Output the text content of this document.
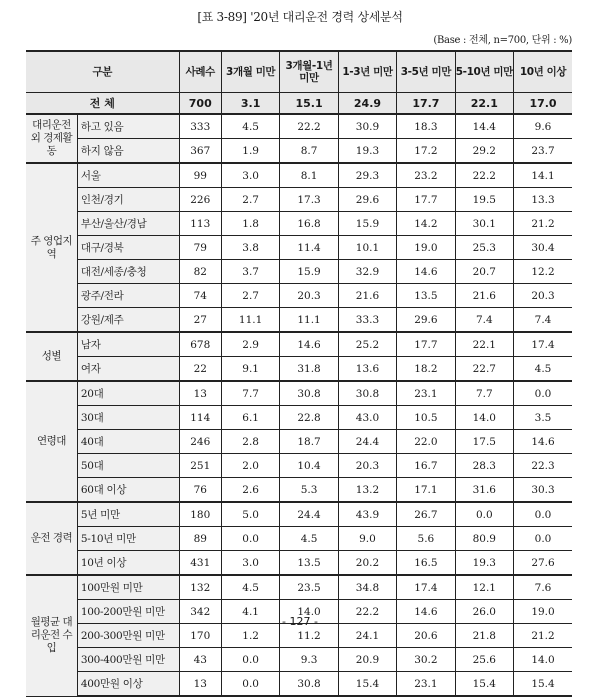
[표 3-89] '20년 대리운전 경력 상세분석
(Base : 전체, n=700, 단위 : %)
구분		사례수	3개월 미만	3개월-1년 미만	1-3년 미만	3-5년 미만	5-10년 미만	10년 이상
전 체		700	3.1	15.1	24.9	17.7	22.1	17.0
대리운전 외 경제활동	하고 있음	333	4.5	22.2	30.9	18.3	14.4	9.6
	하지 않음	367	1.9	8.7	19.3	17.2	29.2	23.7
주 영업지역	서울	99	3.0	8.1	29.3	23.2	22.2	14.1
	인천/경기	226	2.7	17.3	29.6	17.7	19.5	13.3
	부산/울산/경남	113	1.8	16.8	15.9	14.2	30.1	21.2
	대구/경북	79	3.8	11.4	10.1	19.0	25.3	30.4
	대전/세종/충청	82	3.7	15.9	32.9	14.6	20.7	12.2
	광주/전라	74	2.7	20.3	21.6	13.5	21.6	20.3
	강원/제주	27	11.1	11.1	33.3	29.6	7.4	7.4
성별	남자	678	2.9	14.6	25.2	17.7	22.1	17.4
	여자	22	9.1	31.8	13.6	18.2	22.7	4.5
연령대	20대	13	7.7	30.8	30.8	23.1	7.7	0.0
	30대	114	6.1	22.8	43.0	10.5	14.0	3.5
	40대	246	2.8	18.7	24.4	22.0	17.5	14.6
	50대	251	2.0	10.4	20.3	16.7	28.3	22.3
	60대 이상	76	2.6	5.3	13.2	17.1	31.6	30.3
운전 경력	5년 미만	180	5.0	24.4	43.9	26.7	0.0	0.0
	5-10년 미만	89	0.0	4.5	9.0	5.6	80.9	0.0
	10년 이상	431	3.0	13.5	20.2	16.5	19.3	27.6
월평균 대리운전 수입	100만원 미만	132	4.5	23.5	34.8	17.4	12.1	7.6
	100-200만원 미만	342	4.1	14.0	22.2	14.6	26.0	19.0
	200-300만원 미만	170	1.2	11.2	24.1	20.6	21.8	21.2
	300-400만원 미만	43	0.0	9.3	20.9	30.2	25.6	14.0
	400만원 이상	13	0.0	30.8	15.4	23.1	15.4	15.4
- 127 -
